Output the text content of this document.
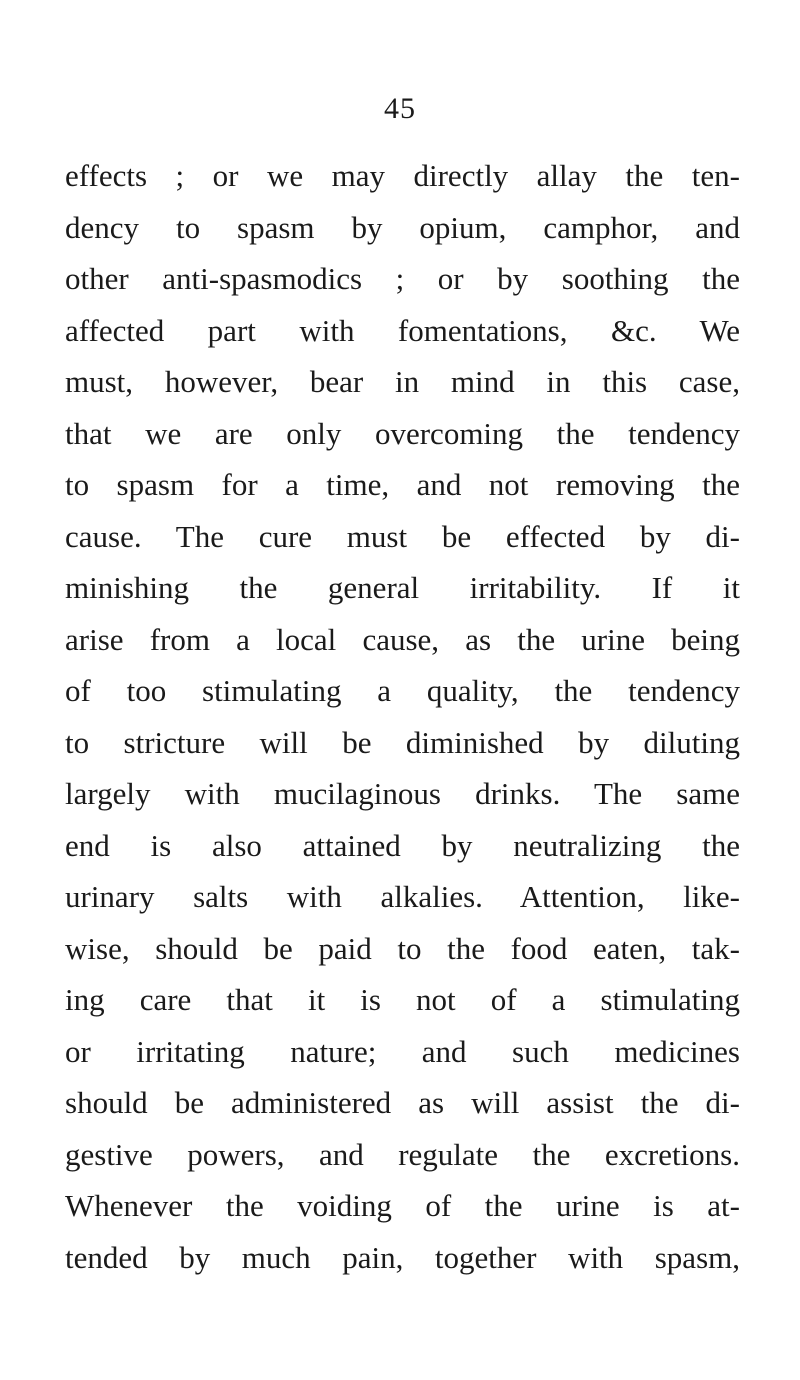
45
effects ; or we may directly allay the ten-
dency to spasm by opium, camphor, and
other anti-spasmodics ; or by soothing the
affected part with fomentations, &c. We
must, however, bear in mind in this case,
that we are only overcoming the tendency
to spasm for a time, and not removing the
cause. The cure must be effected by di-
minishing the general irritability. If it
arise from a local cause, as the urine being
of too stimulating a quality, the tendency
to stricture will be diminished by diluting
largely with mucilaginous drinks. The same
end is also attained by neutralizing the
urinary salts with alkalies. Attention, like-
wise, should be paid to the food eaten, tak-
ing care that it is not of a stimulating
or irritating nature; and such medicines
should be administered as will assist the di-
gestive powers, and regulate the excretions.
Whenever the voiding of the urine is at-
tended by much pain, together with spasm,
